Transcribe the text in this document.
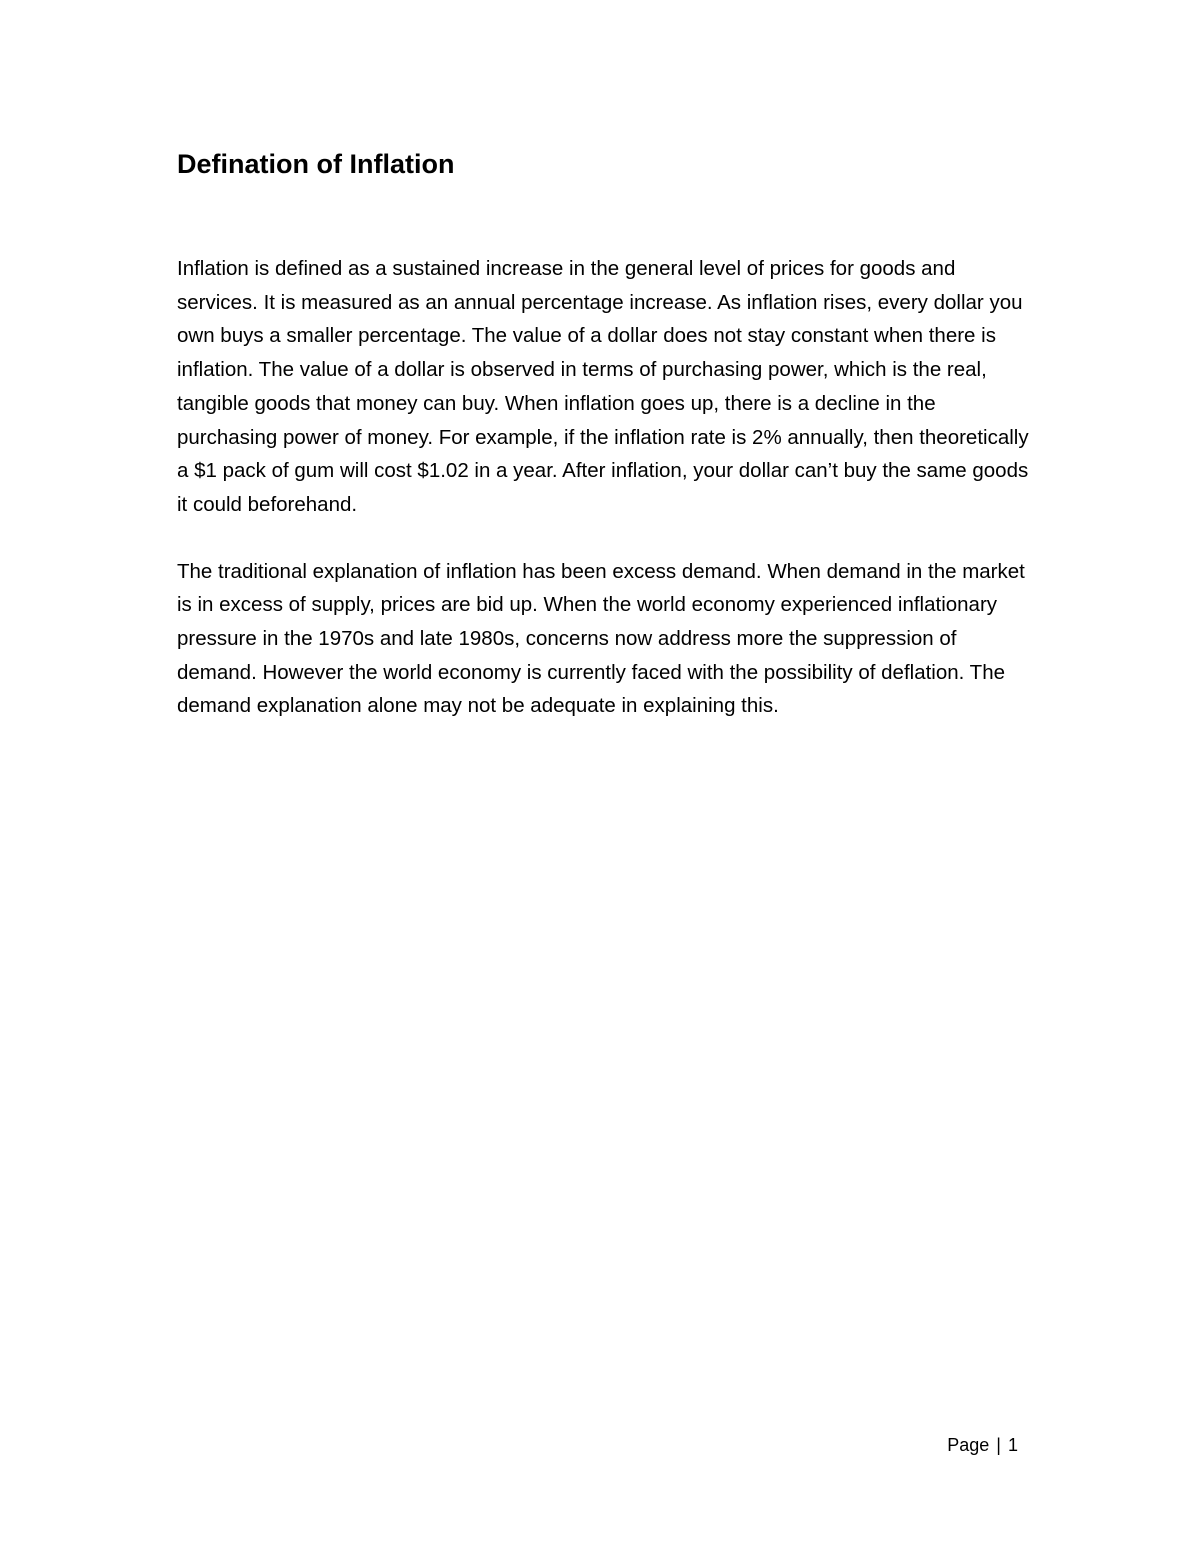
Defination of Inflation

Inflation is defined as a sustained increase in the general level of prices for goods and services. It is measured as an annual percentage increase. As inflation rises, every dollar you own buys a smaller percentage. The value of a dollar does not stay constant when there is inflation. The value of a dollar is observed in terms of purchasing power, which is the real, tangible goods that money can buy. When inflation goes up, there is a decline in the purchasing power of money. For example, if the inflation rate is 2% annually, then theoretically a $1 pack of gum will cost $1.02 in a year. After inflation, your dollar can’t buy the same goods it could beforehand.

The traditional explanation of inflation has been excess demand. When demand in the market is in excess of supply, prices are bid up. When the world economy experienced inflationary pressure in the 1970s and late 1980s, concerns now address more the suppression of demand. However the world economy is currently faced with the possibility of deflation. The demand explanation alone may not be adequate in explaining this.

Page | 1
